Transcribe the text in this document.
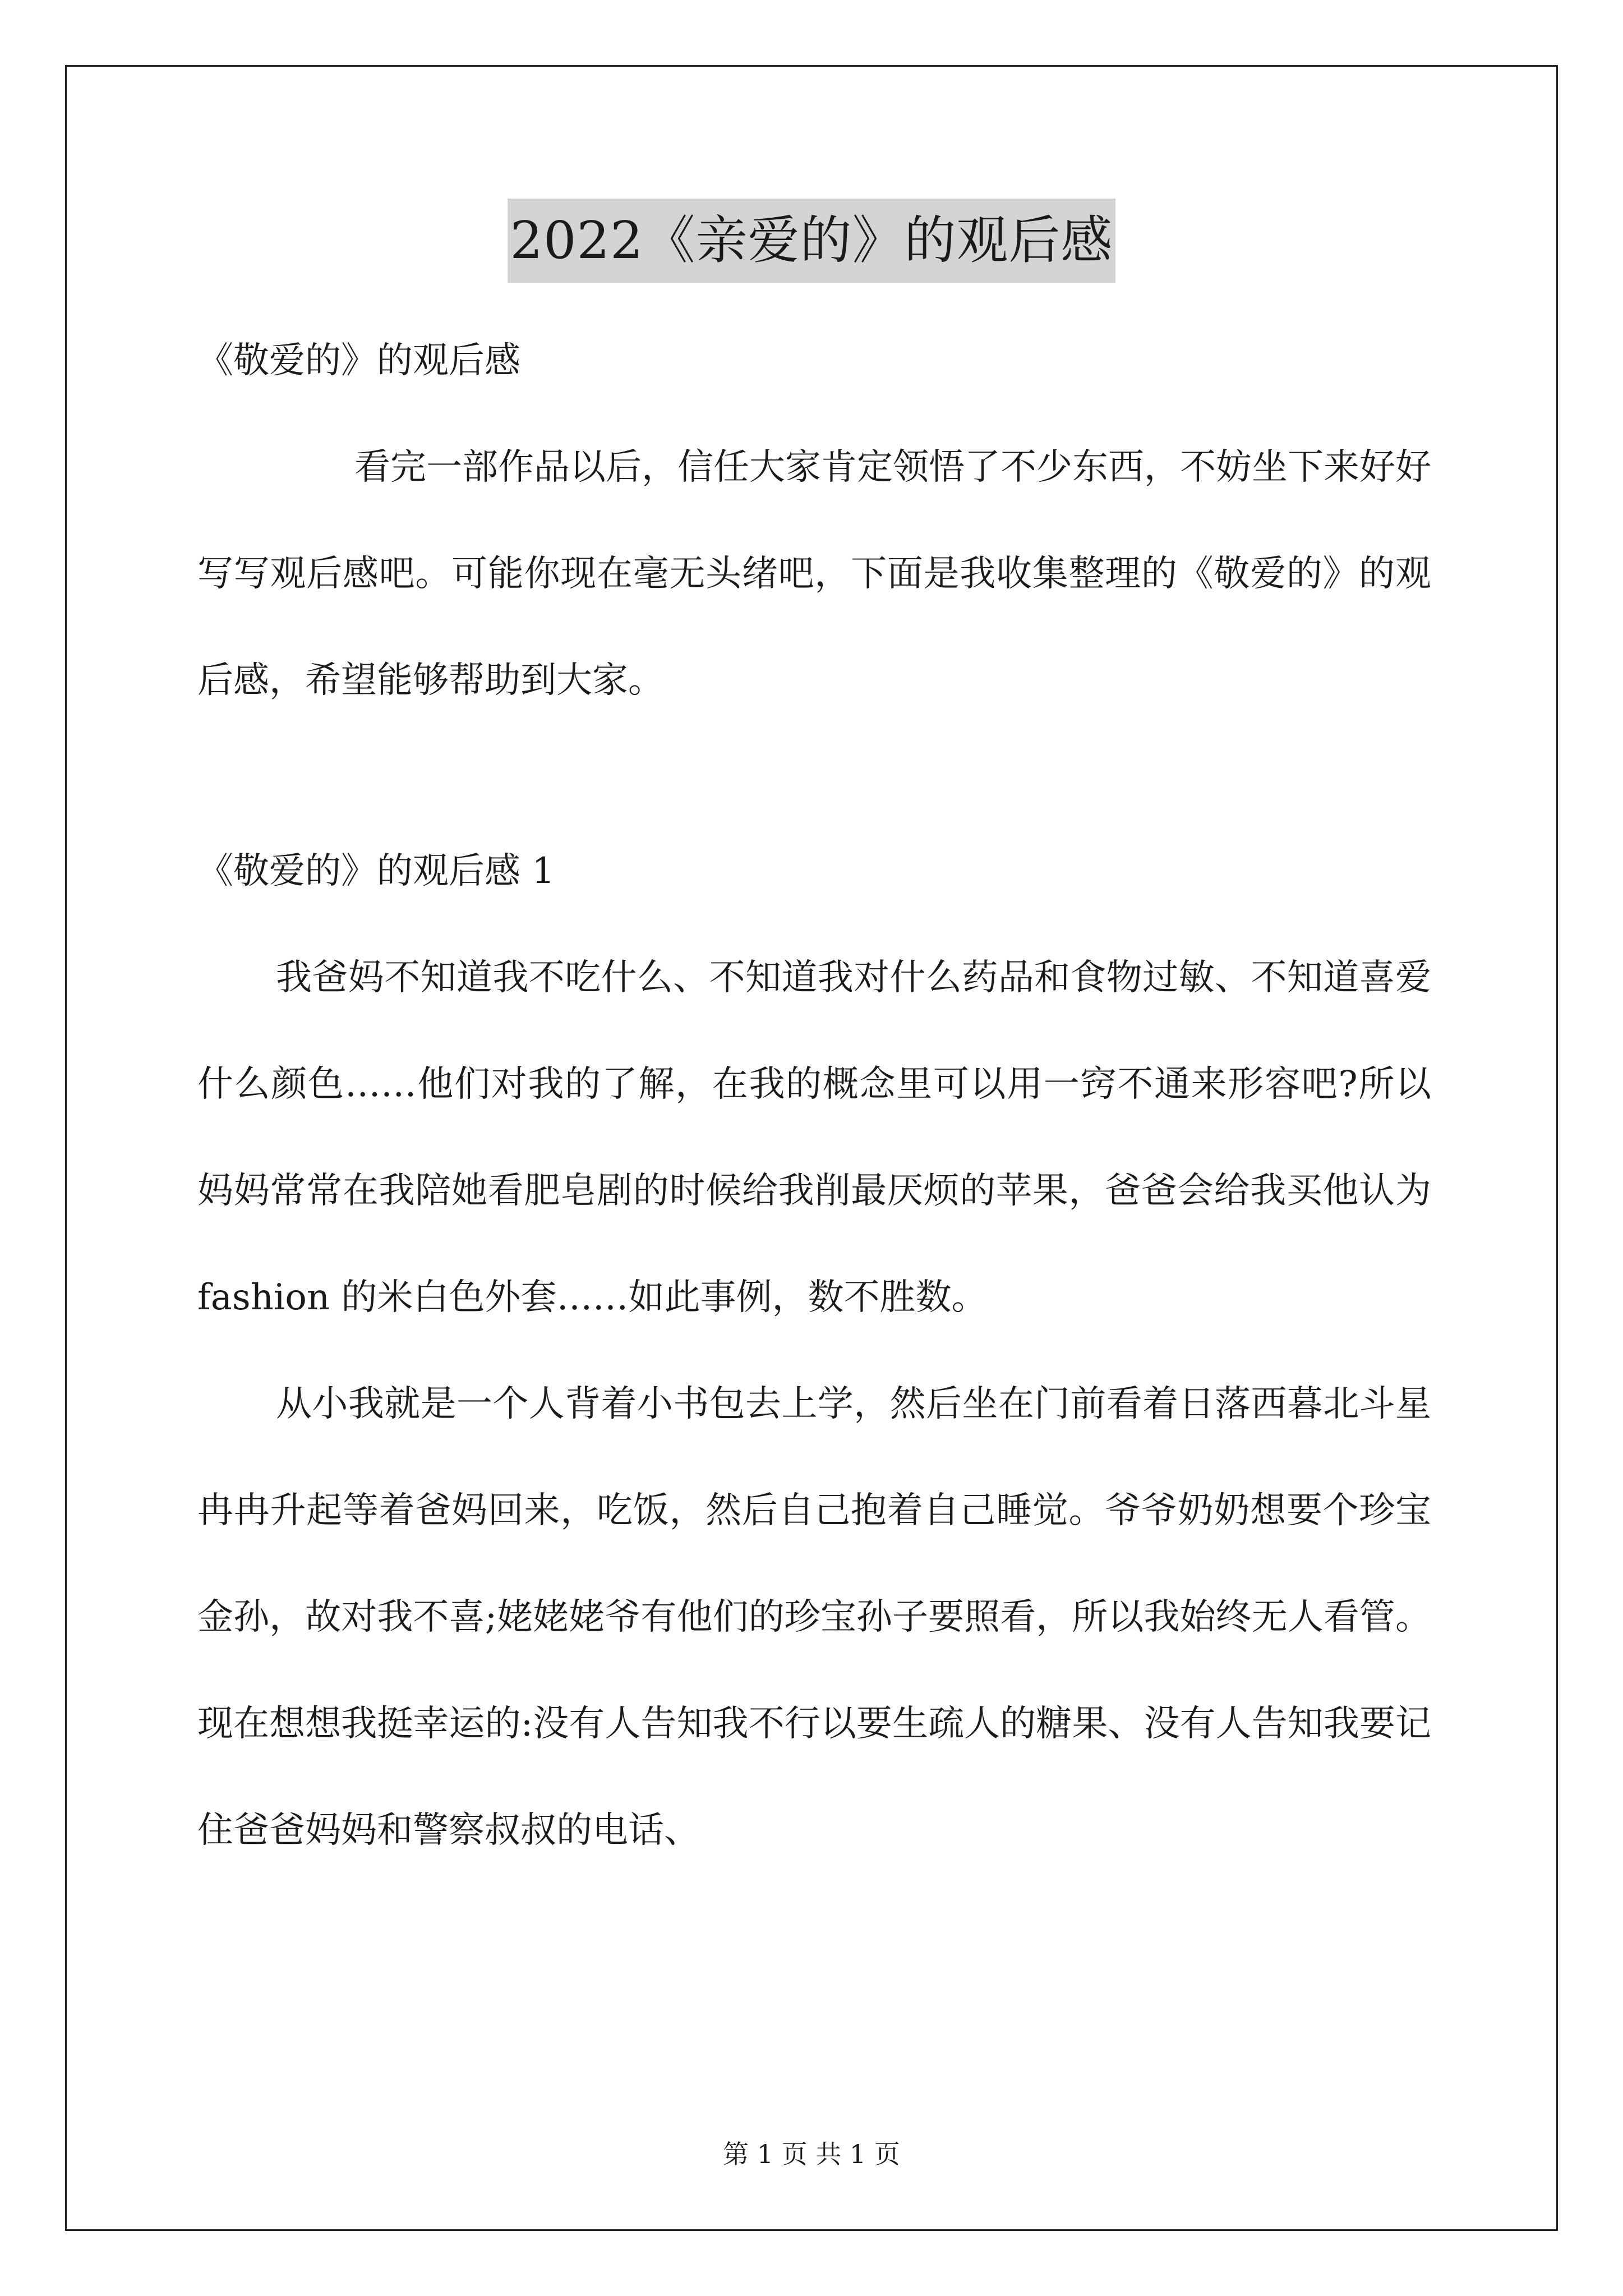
2022《亲爱的》的观后感

《敬爱的》的观后感

看完一部作品以后，信任大家肯定领悟了不少东西，不妨坐下来好好写写观后感吧。可能你现在毫无头绪吧，下面是我收集整理的《敬爱的》的观后感，希望能够帮助到大家。

《敬爱的》的观后感 1

我爸妈不知道我不吃什么、不知道我对什么药品和食物过敏、不知道喜爱什么颜色……他们对我的了解，在我的概念里可以用一窍不通来形容吧?所以妈妈常常在我陪她看肥皂剧的时候给我削最厌烦的苹果，爸爸会给我买他认为 fashion 的米白色外套……如此事例，数不胜数。

从小我就是一个人背着小书包去上学，然后坐在门前看着日落西暮北斗星冉冉升起等着爸妈回来，吃饭，然后自己抱着自己睡觉。爷爷奶奶想要个珍宝金孙，故对我不喜;姥姥姥爷有他们的珍宝孙子要照看，所以我始终无人看管。现在想想我挺幸运的:没有人告知我不行以要生疏人的糖果、没有人告知我要记住爸爸妈妈和警察叔叔的电话、

第 1 页 共 1 页
